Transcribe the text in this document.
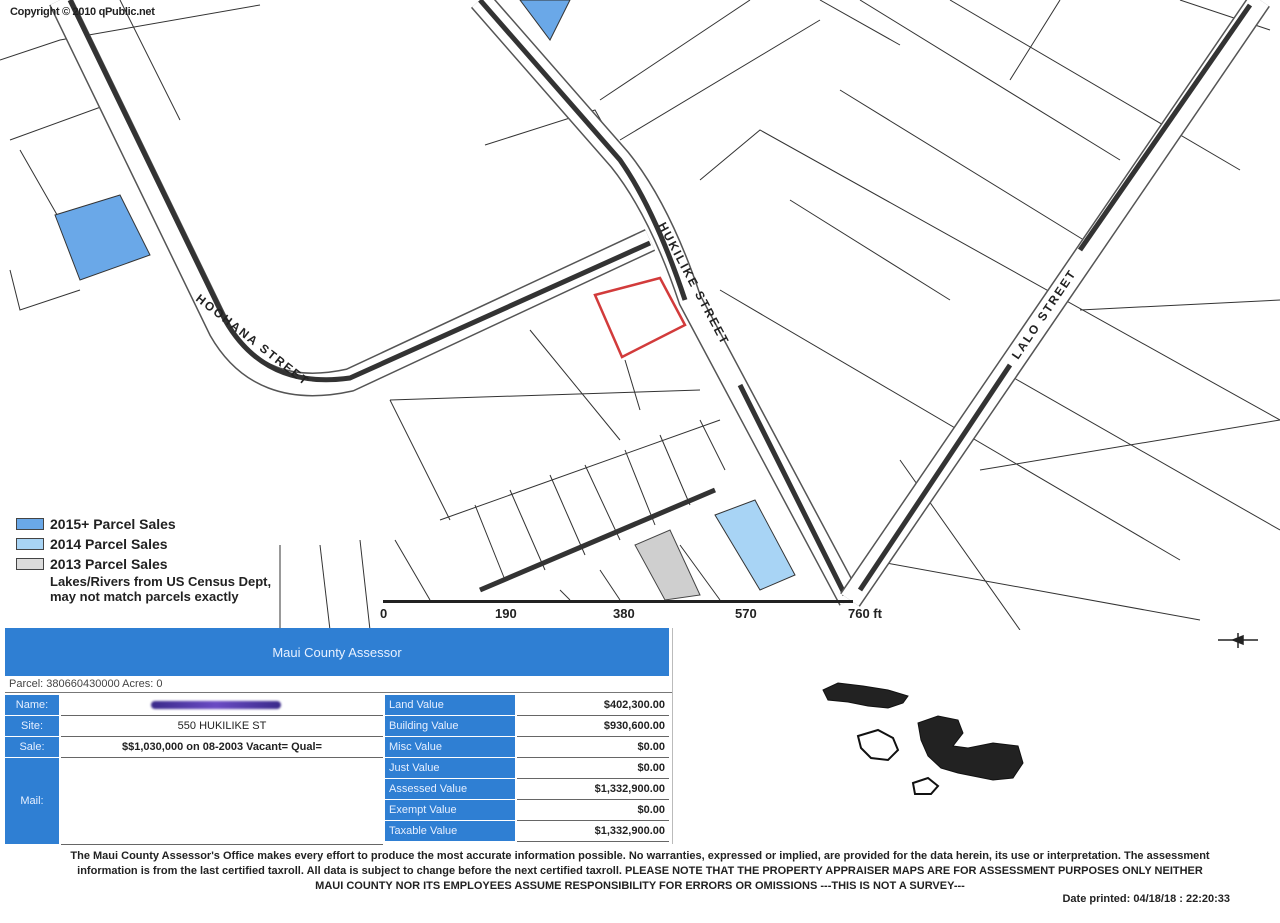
HOOHANA STREET	HUKILIKE STREET	LALO STREET
Copyright © 2010 qPublic.net
2015+ Parcel Sales
2014 Parcel Sales
2013 Parcel Sales
Lakes/Rivers from US Census Dept, may not match parcels exactly
0	190	380	570	760 ft
Maui County Assessor
Parcel: 380660430000 Acres: 0
Name:
Site:	550 HUKILIKE ST
Sale:	$$1,030,000 on 08-2003 Vacant= Qual=
Mail:
Land Value	$402,300.00
Building Value	$930,600.00
Misc Value	$0.00
Just Value	$0.00
Assessed Value	$1,332,900.00
Exempt Value	$0.00
Taxable Value	$1,332,900.00
The Maui County Assessor's Office makes every effort to produce the most accurate information possible. No warranties, expressed or implied, are provided for the data herein, its use or interpretation. The assessment
information is from the last certified taxroll. All data is subject to change before the next certified taxroll. PLEASE NOTE THAT THE PROPERTY APPRAISER MAPS ARE FOR ASSESSMENT PURPOSES ONLY NEITHER
MAUI COUNTY NOR ITS EMPLOYEES ASSUME RESPONSIBILITY FOR ERRORS OR OMISSIONS ---THIS IS NOT A SURVEY---
Date printed: 04/18/18 : 22:20:33
